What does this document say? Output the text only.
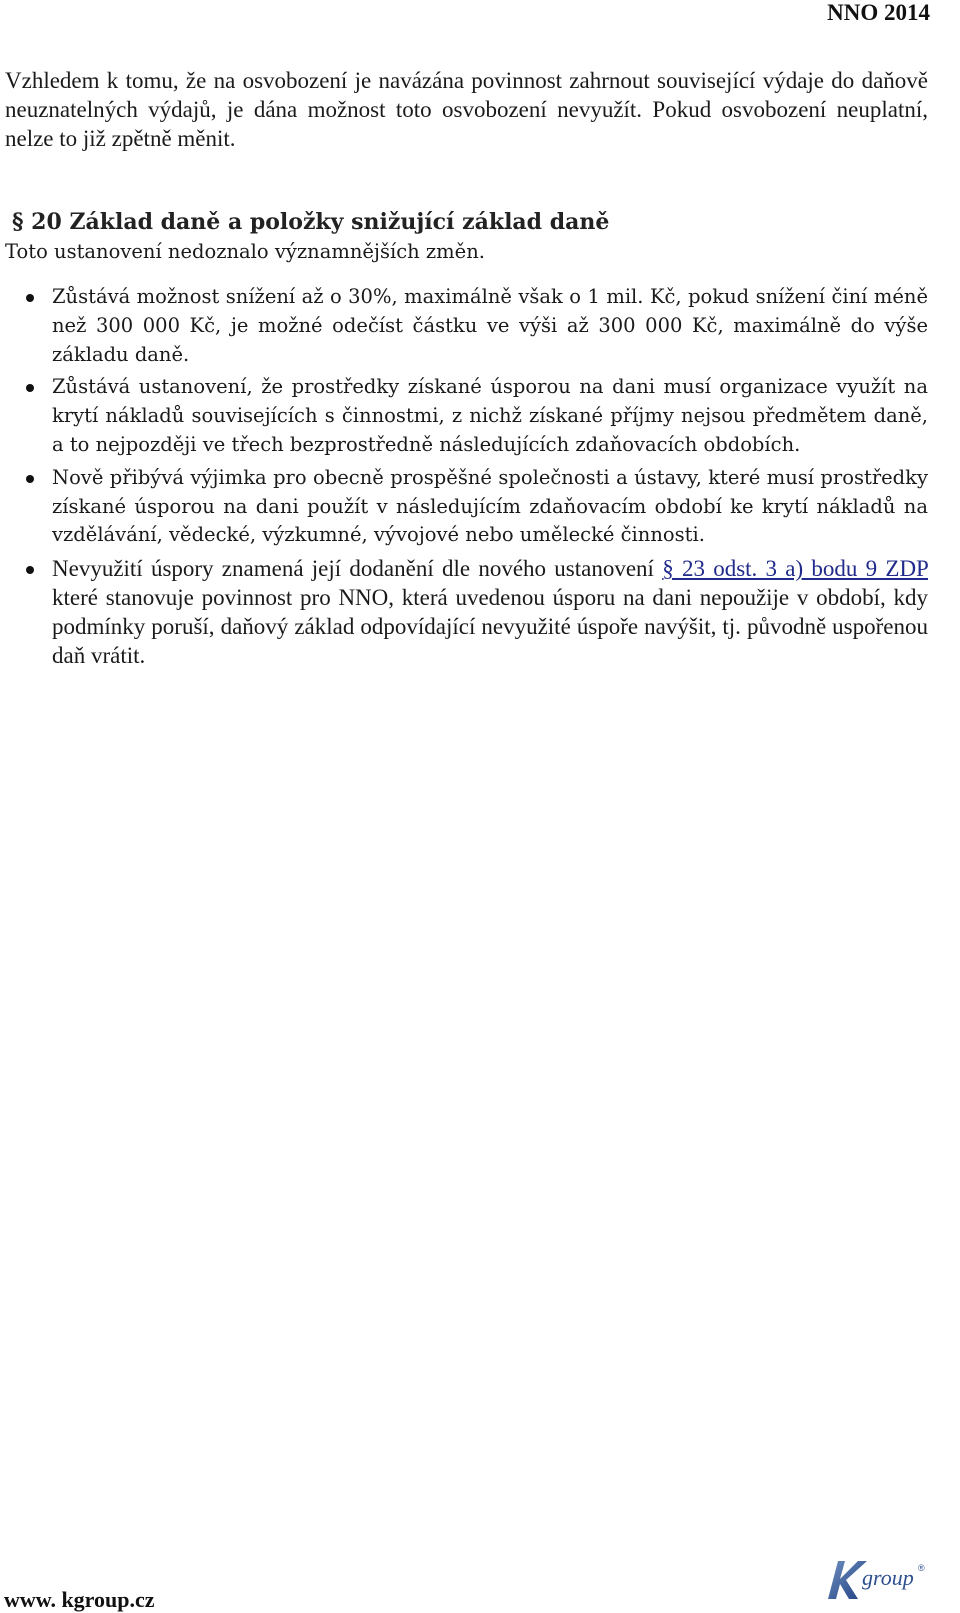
NNO 2014

Vzhledem k tomu, že na osvobození je navázána povinnost zahrnout související výdaje do daňově neuznatelných výdajů, je dána možnost toto osvobození nevyužít. Pokud osvobození neuplatní, nelze to již zpětně měnit.

§ 20 Základ daně a položky snižující základ daně

Toto ustanovení nedoznalo významnějších změn.

Zůstává možnost snížení až o 30%, maximálně však o 1 mil. Kč, pokud snížení činí méně než 300 000 Kč, je možné odečíst částku ve výši až 300 000 Kč, maximálně do výše základu daně.
Zůstává ustanovení, že prostředky získané úsporou na dani musí organizace využít na krytí nákladů souvisejících s činnostmi, z nichž získané příjmy nejsou předmětem daně, a to nejpozději ve třech bezprostředně následujících zdaňovacích obdobích.
Nově přibývá výjimka pro obecně prospěšné společnosti a ústavy, které musí prostředky získané úsporou na dani použít v následujícím zdaňovacím období ke krytí nákladů na vzdělávání, vědecké, výzkumné, vývojové nebo umělecké činnosti.
Nevyužití úspory znamená její dodanění dle nového ustanovení § 23 odst. 3 a) bodu 9 ZDP které stanovuje povinnost pro NNO, která uvedenou úsporu na dani nepoužije v období, kdy podmínky poruší, daňový základ odpovídající nevyužité úspoře navýšit, tj. původně uspořenou daň vrátit.
www. kgroup.cz
group ®
